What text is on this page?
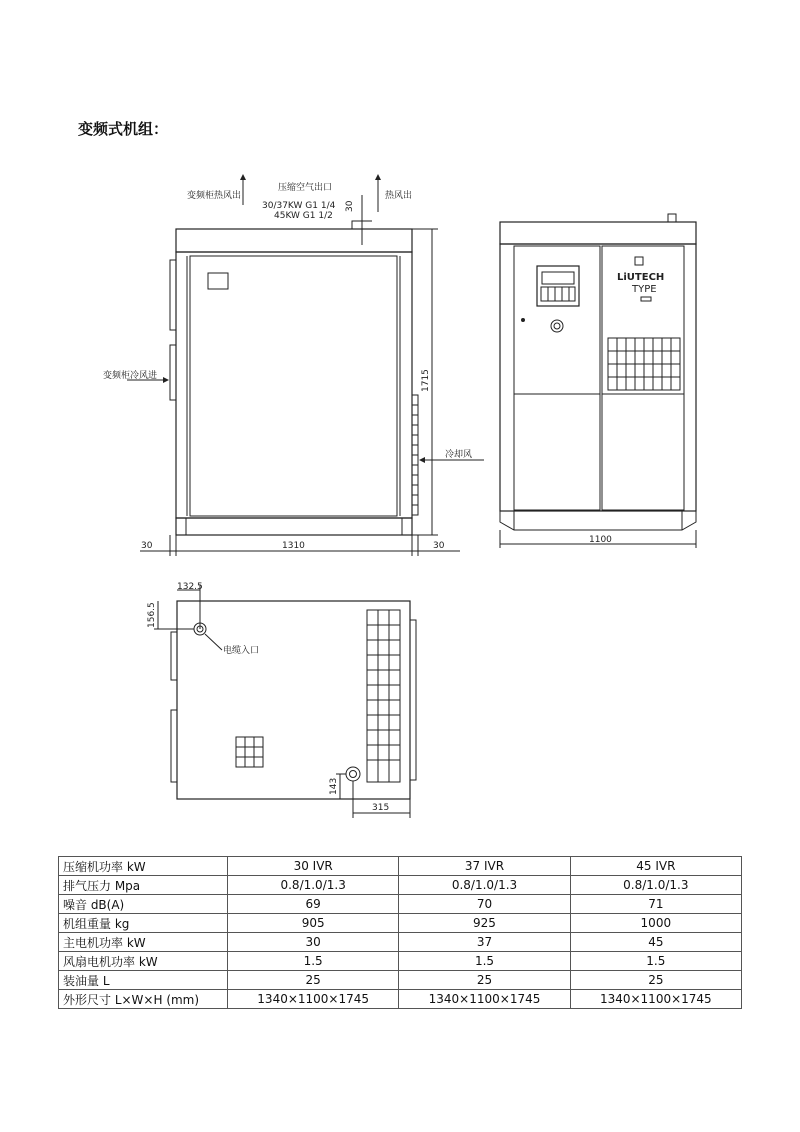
变频式机组：
变频柜热风出
压缩空气出口
30/37KW G1 1/4
45KW G1 1/2
热风出
变频柜冷风进
冷却风
30
1715
30	1310	30
LiUTECH
TYPE
1100
132.5
156.5
电缆入口
143
315
压缩机功率 kW	30 IVR	37 IVR	45 IVR
排气压力 Mpa	0.8/1.0/1.3	0.8/1.0/1.3	0.8/1.0/1.3
噪音 dB(A)	69	70	71
机组重量 kg	905	925	1000
主电机功率 kW	30	37	45
风扇电机功率 kW	1.5	1.5	1.5
装油量 L	25	25	25
外形尺寸 L×W×H (mm)	1340×1100×1745	1340×1100×1745	1340×1100×1745
